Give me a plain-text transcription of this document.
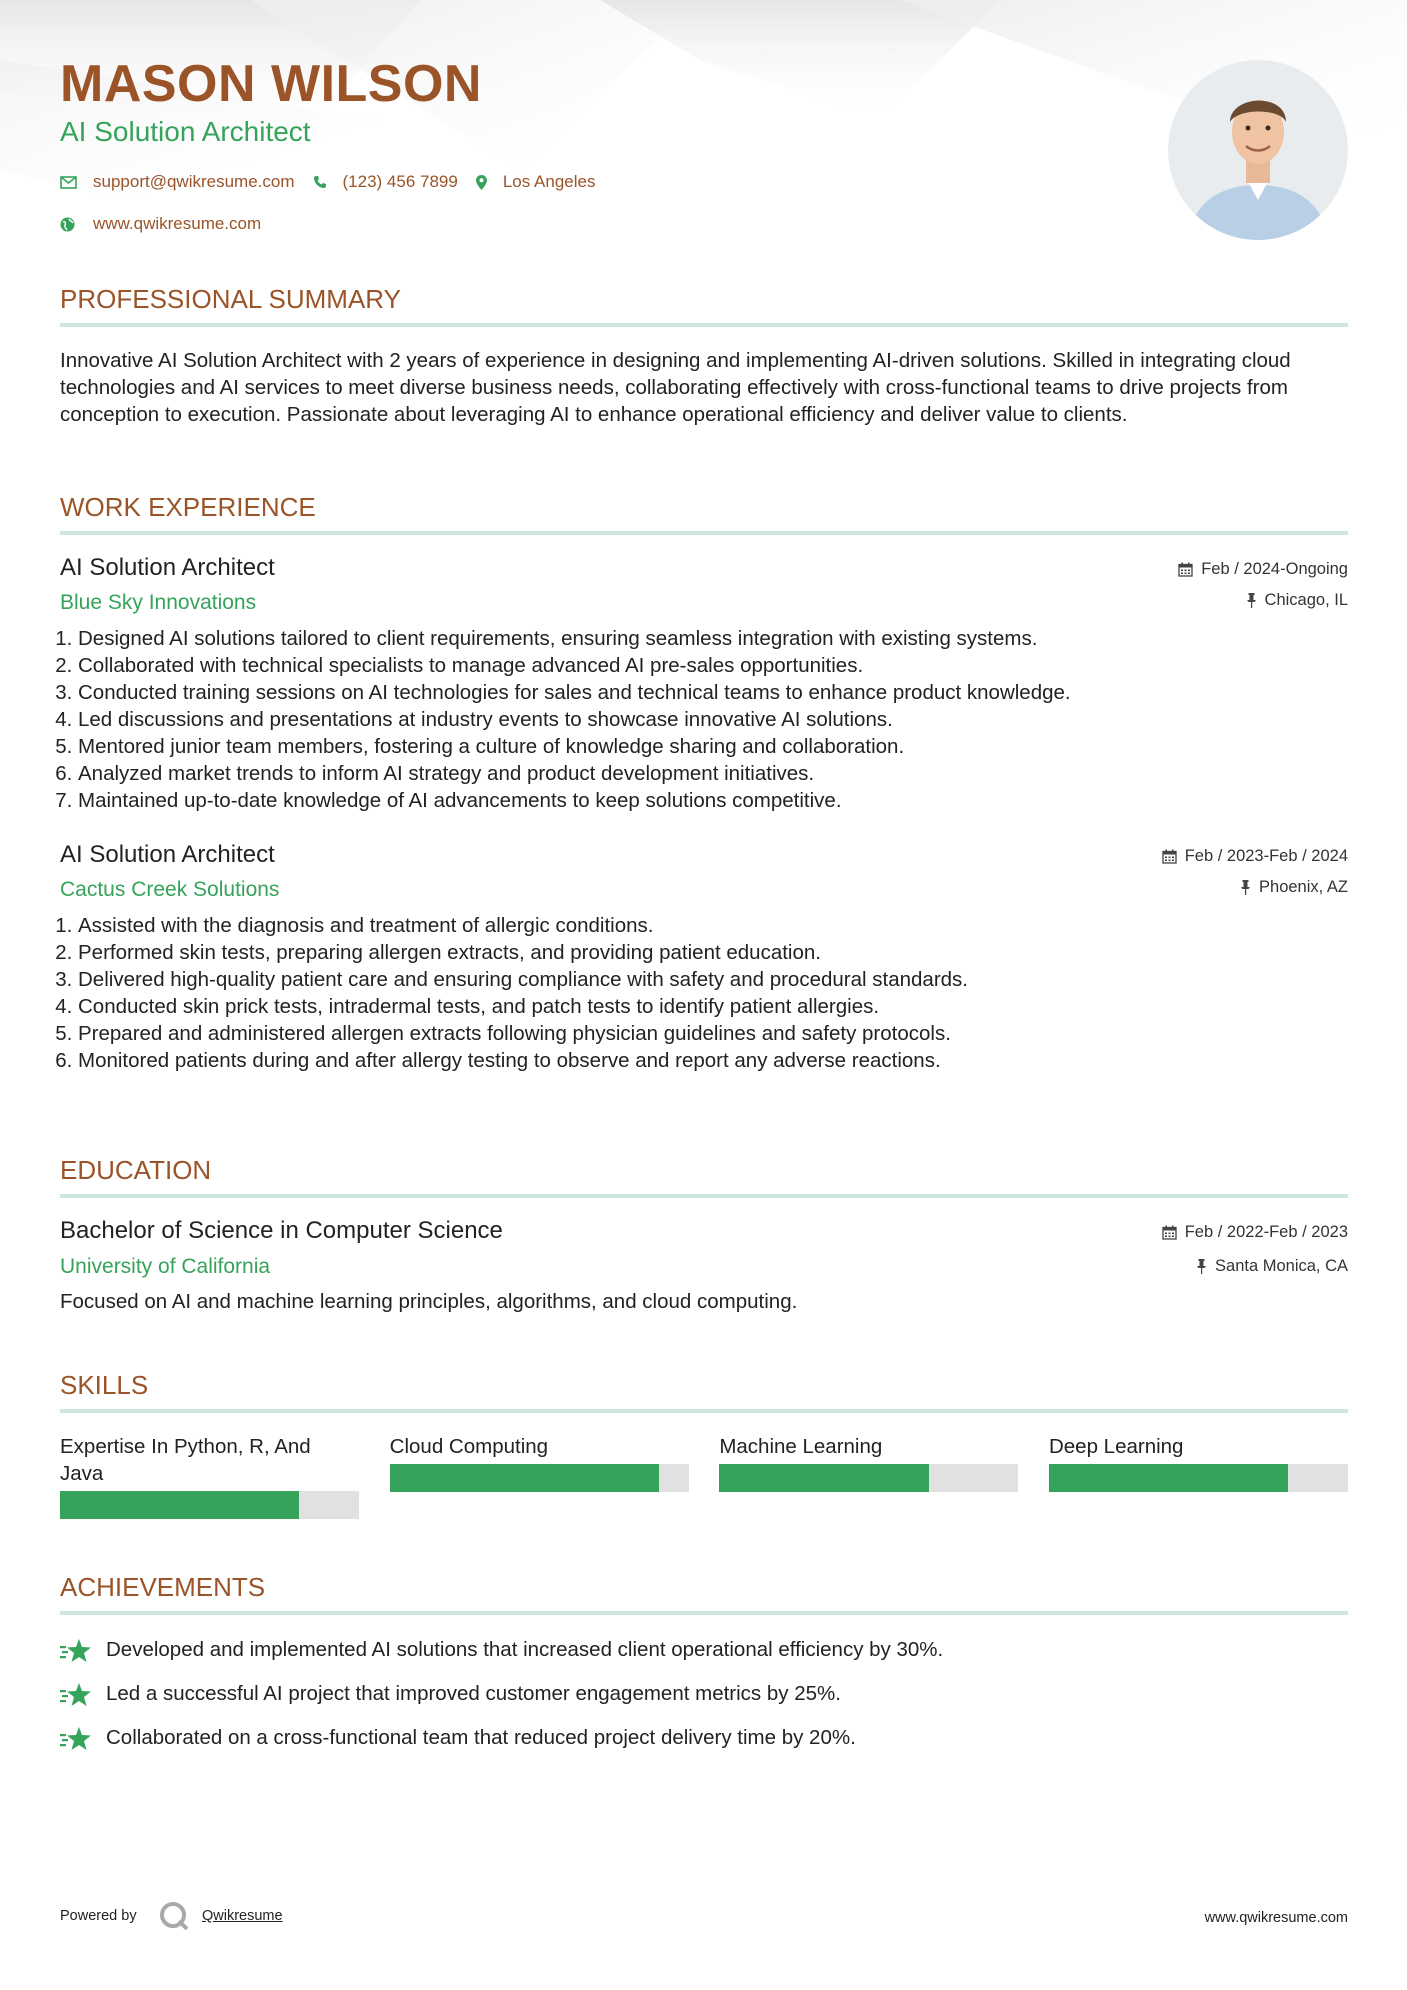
MASON WILSON
AI Solution Architect
support@qwikresume.com	(123) 456 7899	Los Angeles
www.qwikresume.com
PROFESSIONAL SUMMARY
Innovative AI Solution Architect with 2 years of experience in designing and implementing AI-driven solutions. Skilled in integrating cloud technologies and AI services to meet diverse business needs, collaborating effectively with cross-functional teams to drive projects from conception to execution. Passionate about leveraging AI to enhance operational efficiency and deliver value to clients.
WORK EXPERIENCE
AI Solution Architect	Feb / 2024-Ongoing
Blue Sky Innovations	Chicago, IL
1. Designed AI solutions tailored to client requirements, ensuring seamless integration with existing systems.
2. Collaborated with technical specialists to manage advanced AI pre-sales opportunities.
3. Conducted training sessions on AI technologies for sales and technical teams to enhance product knowledge.
4. Led discussions and presentations at industry events to showcase innovative AI solutions.
5. Mentored junior team members, fostering a culture of knowledge sharing and collaboration.
6. Analyzed market trends to inform AI strategy and product development initiatives.
7. Maintained up-to-date knowledge of AI advancements to keep solutions competitive.
AI Solution Architect	Feb / 2023-Feb / 2024
Cactus Creek Solutions	Phoenix, AZ
1. Assisted with the diagnosis and treatment of allergic conditions.
2. Performed skin tests, preparing allergen extracts, and providing patient education.
3. Delivered high-quality patient care and ensuring compliance with safety and procedural standards.
4. Conducted skin prick tests, intradermal tests, and patch tests to identify patient allergies.
5. Prepared and administered allergen extracts following physician guidelines and safety protocols.
6. Monitored patients during and after allergy testing to observe and report any adverse reactions.
EDUCATION
Bachelor of Science in Computer Science	Feb / 2022-Feb / 2023
University of California	Santa Monica, CA
Focused on AI and machine learning principles, algorithms, and cloud computing.
SKILLS
Expertise In Python, R, And Java
Cloud Computing	Machine Learning	Deep Learning
ACHIEVEMENTS
Developed and implemented AI solutions that increased client operational efficiency by 30%.
Led a successful AI project that improved customer engagement metrics by 25%.
Collaborated on a cross-functional team that reduced project delivery time by 20%.
Powered by	Qwikresume	www.qwikresume.com
